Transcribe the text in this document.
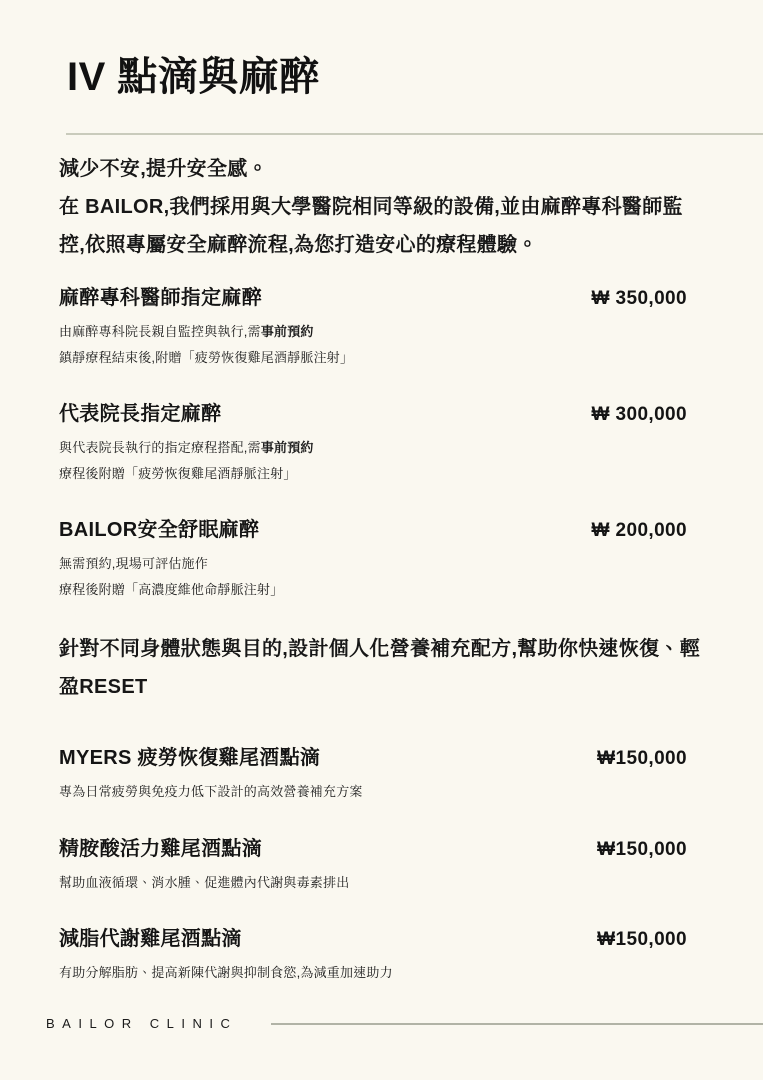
IV 點滴與麻醉

減少不安,提升安全感。
在 BAILOR,我們採用與大學醫院相同等級的設備,並由麻醉專科醫師監控,依照專屬安全麻醉流程,為您打造安心的療程體驗。

麻醉專科醫師指定麻醉	₩ 350,000

由麻醉專科院長親自監控與執行,需事前預約

鎮靜療程結束後,附贈「疲勞恢復雞尾酒靜脈注射」

代表院長指定麻醉	₩ 300,000

與代表院長執行的指定療程搭配,需事前預約

療程後附贈「疲勞恢復雞尾酒靜脈注射」

BAILOR安全舒眠麻醉	₩ 200,000

無需預約,現場可評估施作

療程後附贈「高濃度維他命靜脈注射」

針對不同身體狀態與目的,設計個人化營養補充配方,幫助你快速恢復、輕盈RESET

MYERS 疲勞恢復雞尾酒點滴	₩150,000

專為日常疲勞與免疫力低下設計的高效營養補充方案

精胺酸活力雞尾酒點滴	₩150,000

幫助血液循環、消水腫、促進體內代謝與毒素排出

減脂代謝雞尾酒點滴	₩150,000

有助分解脂肪、提高新陳代謝與抑制食慾,為減重加速助力

BAILOR CLINIC
